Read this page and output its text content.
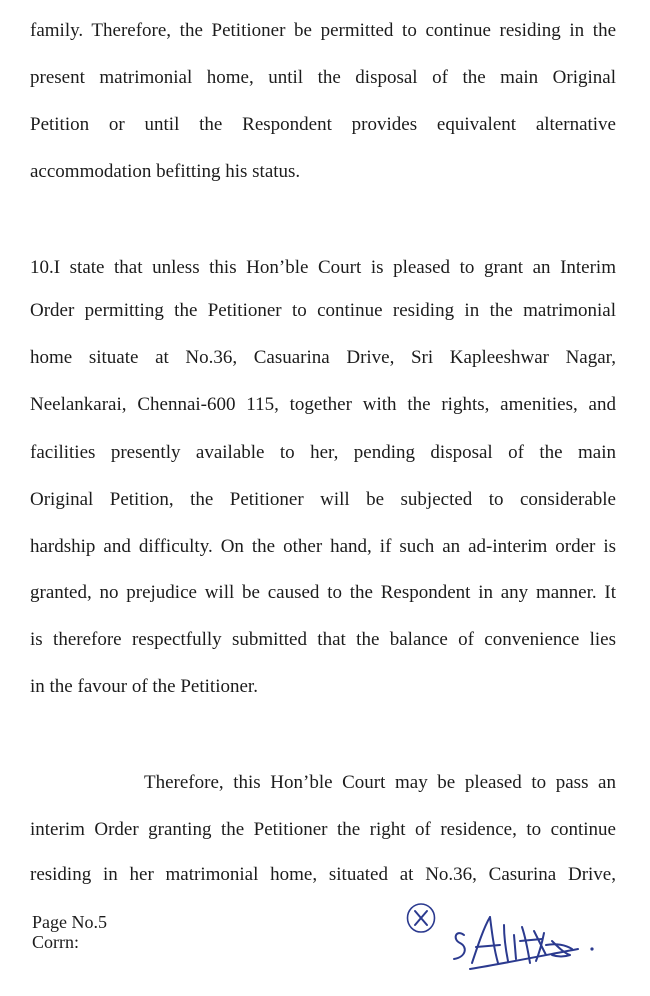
family. Therefore, the Petitioner be permitted to continue residing in the
present matrimonial home, until the disposal of the main Original
Petition or until the Respondent provides equivalent alternative
accommodation befitting his status.
10.I state that unless this Hon’ble Court is pleased to grant an Interim
Order permitting the Petitioner to continue residing in the matrimonial
home situate at No.36, Casuarina Drive, Sri Kapleeshwar Nagar,
Neelankarai, Chennai-600 115, together with the rights, amenities, and
facilities presently available to her, pending disposal of the main
Original Petition, the Petitioner will be subjected to considerable
hardship and difficulty. On the other hand, if such an ad-interim order is
granted, no prejudice will be caused to the Respondent in any manner. It
is therefore respectfully submitted that the balance of convenience lies
in the favour of the Petitioner.
Therefore, this Hon’ble Court may be pleased to pass an
interim Order granting the Petitioner the right of residence, to continue
residing in her matrimonial home, situated at No.36, Casurina Drive,
Page No.5
Corrn:
